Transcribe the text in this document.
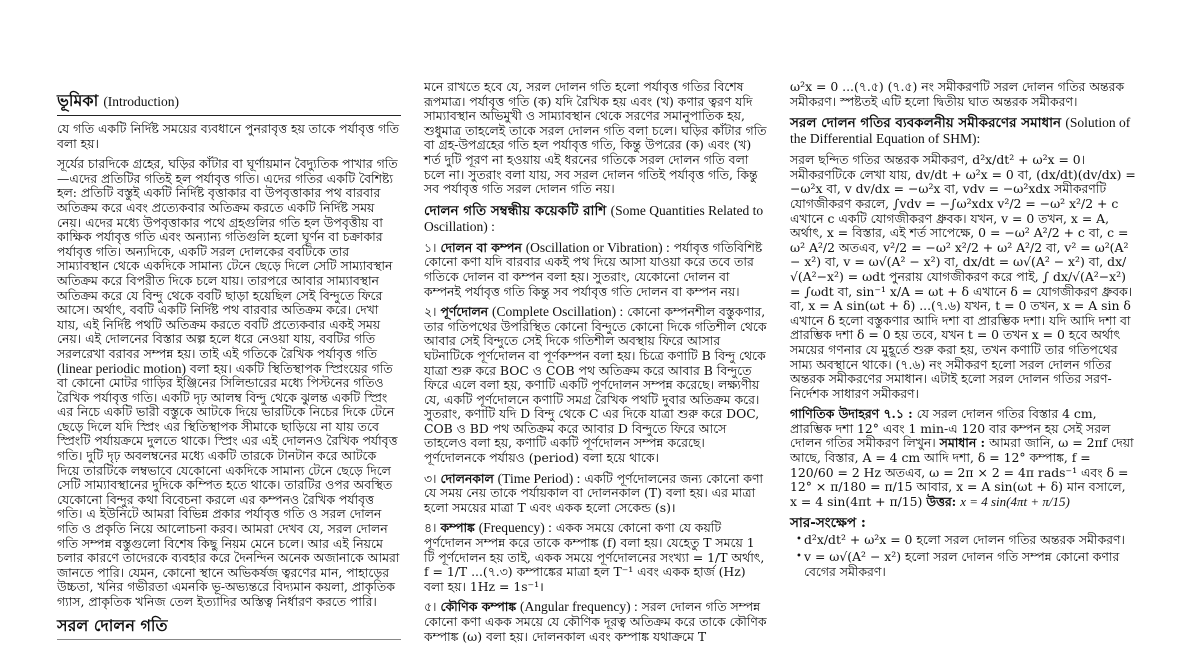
ভূমিকা (Introduction)

যে গতি একটি নির্দিষ্ট সময়ের ব্যবধানে পুনরাবৃত্ত হয় তাকে পর্যাবৃত্ত গতি বলা হয়।

সূর্যের চারদিকে গ্রহের, ঘড়ির কাঁটার বা ঘূর্ণায়মান বৈদ্যুতিক পাখার গতি—এদের প্রতিটির গতিই হল পর্যাবৃত্ত গতি। এদের গতির একটি বৈশিষ্ট্য হল: প্রতিটি বস্তুই একটি নির্দিষ্ট বৃত্তাকার বা উপবৃত্তাকার পথ বারবার অতিক্রম করে এবং প্রত্যেকবার অতিক্রম করতে একটি নির্দিষ্ট সময় নেয়। এদের মধ্যে উপবৃত্তাকার পথে গ্রহগুলির গতি হল উপবৃত্তীয় বা কাক্ষিক পর্যাবৃত্ত গতি এবং অন্যান্য গতিগুলি হলো ঘূর্ণন বা চক্রাকার পর্যাবৃত্ত গতি। অন্যদিকে, একটি সরল দোলকের ববটিকে তার সাম্যাবস্থান থেকে একদিকে সামান্য টেনে ছেড়ে দিলে সেটি সাম্যাবস্থান অতিক্রম করে বিপরীত দিকে চলে যায়। তারপরে আবার সাম্যাবস্থান অতিক্রম করে যে বিন্দু থেকে ববটি ছাড়া হয়েছিল সেই বিন্দুতে ফিরে আসে। অর্থাৎ, ববটি একটি নির্দিষ্ট পথ বারবার অতিক্রম করে। দেখা যায়, এই নির্দিষ্ট পথটি অতিক্রম করতে ববটি প্রত্যেকবার একই সময় নেয়। এই দোলনের বিস্তার অল্প হলে ধরে নেওয়া যায়, ববটির গতি সরলরেখা বরাবর সম্পন্ন হয়। তাই এই গতিকে রৈখিক পর্যাবৃত্ত গতি (linear periodic motion) বলা হয়। একটি স্থিতিস্থাপক স্প্রিংয়ের গতি বা কোনো মোটর গাড়ির ইঞ্জিনের সিলিন্ডারের মধ্যে পিস্টনের গতিও রৈখিক পর্যাবৃত্ত গতি। একটি দৃঢ় আলম্ব বিন্দু থেকে ঝুলন্ত একটি স্প্রিং এর নিচে একটি ভারী বস্তুকে আটকে দিয়ে ভারটিকে নিচের দিকে টেনে ছেড়ে দিলে যদি স্প্রিং এর স্থিতিস্থাপক সীমাকে ছাড়িয়ে না যায় তবে স্প্রিংটি পর্যায়ক্রমে দুলতে থাকে। স্প্রিং এর এই দোলনও রৈখিক পর্যাবৃত্ত গতি। দুটি দৃঢ় অবলম্বনের মধ্যে একটি তারকে টানটান করে আটকে দিয়ে তারটিকে লম্বভাবে যেকোনো একদিকে সামান্য টেনে ছেড়ে দিলে সেটি সাম্যাবস্থানের দুদিকে কম্পিত হতে থাকে। তারটির ওপর অবস্থিত যেকোনো বিন্দুর কথা বিবেচনা করলে এর কম্পনও রৈখিক পর্যাবৃত্ত গতি। এ ইউনিটে আমরা বিভিন্ন প্রকার পর্যাবৃত্ত গতি ও সরল দোলন গতি ও প্রকৃতি নিয়ে আলোচনা করব। আমরা দেখব যে, সরল দোলন গতি সম্পন্ন বস্তুগুলো বিশেষ কিছু নিয়ম মেনে চলে। আর এই নিয়মে চলার কারণে তাদেরকে ব্যবহার করে দৈনন্দিন অনেক অজানাকে আমরা জানতে পারি। যেমন, কোনো স্থানে অভিকর্ষজ ত্বরণের মান, পাহাড়ের উচ্চতা, খনির গভীরতা এমনকি ভূ-অভ্যন্তরে বিদ্যমান কয়লা, প্রাকৃতিক গ্যাস, প্রাকৃতিক খনিজ তেল ইত্যাদির অস্তিত্ব নির্ধারণ করতে পারি।

সরল দোলন গতি

মনে রাখতে হবে যে, সরল দোলন গতি হলো পর্যাবৃত্ত গতির বিশেষ রূপমাত্র। পর্যাবৃত্ত গতি (ক) যদি রৈখিক হয় এবং (খ) কণার ত্বরণ যদি সাম্যাবস্থান অভিমুখী ও সাম্যাবস্থান থেকে সরণের সমানুপাতিক হয়, শুধুমাত্র তাহলেই তাকে সরল দোলন গতি বলা চলে। ঘড়ির কাঁটার গতি বা গ্রহ-উপগ্রহের গতি হল পর্যাবৃত্ত গতি, কিন্তু উপরের (ক) এবং (খ) শর্ত দুটি পূরণ না হওয়ায় এই ধরনের গতিকে সরল দোলন গতি বলা চলে না। সুতরাং বলা যায়, সব সরল দোলন গতিই পর্যাবৃত্ত গতি, কিন্তু সব পর্যাবৃত্ত গতি সরল দোলন গতি নয়।

দোলন গতি সম্বন্ধীয় কয়েকটি রাশি (Some Quantities Related to Oscillation) :

১। দোলন বা কম্পন (Oscillation or Vibration) : পর্যাবৃত্ত গতিবিশিষ্ট কোনো কণা যদি বারবার একই পথ দিয়ে আসা যাওয়া করে তবে তার গতিকে দোলন বা কম্পন বলা হয়। সুতরাং, যেকোনো দোলন বা কম্পনই পর্যাবৃত্ত গতি কিন্তু সব পর্যাবৃত্ত গতি দোলন বা কম্পন নয়।

২। পূর্ণদোলন (Complete Oscillation) : কোনো কম্পনশীল বস্তুকণার, তার গতিপথের উপরিস্থিত কোনো বিন্দুতে কোনো দিকে গতিশীল থেকে আবার সেই বিন্দুতে সেই দিকে গতিশীল অবস্থায় ফিরে আসার ঘটনাটিকে পূর্ণদোলন বা পূর্ণকম্পন বলা হয়। চিত্রে কণাটি B বিন্দু থেকে যাত্রা শুরু করে BOC ও COB পথ অতিক্রম করে আবার B বিন্দুতে ফিরে এলে বলা হয়, কণাটি একটি পূর্ণদোলন সম্পন্ন করেছে। লক্ষ্যণীয় যে, একটি পূর্ণদোলনে কণাটি সমগ্র রৈখিক পথটি দুবার অতিক্রম করে। সুতরাং, কণাটি যদি D বিন্দু থেকে C এর দিকে যাত্রা শুরু করে DOC, COB ও BD পথ অতিক্রম করে আবার D বিন্দুতে ফিরে আসে তাহলেও বলা হয়, কণাটি একটি পূর্ণদোলন সম্পন্ন করেছে। পূর্ণদোলনকে পর্যায়ও (period) বলা হয়ে থাকে।

৩। দোলনকাল (Time Period) : একটি পূর্ণদোলনের জন্য কোনো কণা যে সময় নেয় তাকে পর্যায়কাল বা দোলনকাল (T) বলা হয়। এর মাত্রা হলো সময়ের মাত্রা T এবং একক হলো সেকেন্ড (s)।

৪। কম্পাঙ্ক (Frequency) : একক সময়ে কোনো কণা যে কয়টি পূর্ণদোলন সম্পন্ন করে তাকে কম্পাঙ্ক (f) বলা হয়। যেহেতু T সময়ে 1 টি পূর্ণদোলন হয় তাই, একক সময়ে পূর্ণদোলনের সংখ্যা = 1/T অর্থাৎ, f = 1/T ...(৭.৩) কম্পাঙ্কের মাত্রা হল T⁻¹ এবং একক হার্জ (Hz) বলা হয়। 1Hz = 1s⁻¹।

৫। কৌণিক কম্পাঙ্ক (Angular frequency) : সরল দোলন গতি সম্পন্ন কোনো কণা একক সময়ে যে কৌণিক দূরত্ব অতিক্রম করে তাকে কৌণিক কম্পাঙ্ক (ω) বলা হয়। দোলনকাল এবং কম্পাঙ্ক যথাক্রমে T

ω²x = 0 ...(৭.৫) (৭.৫) নং সমীকরণটি সরল দোলন গতির অন্তরক সমীকরণ। স্পষ্টতই এটি হলো দ্বিতীয় ঘাত অন্তরক সমীকরণ।

সরল দোলন গতির ব্যবকলনীয় সমীকরণের সমাধান (Solution of the Differential Equation of SHM):

সরল ছন্দিত গতির অন্তরক সমীকরণ, d²x/dt² + ω²x = 0। সমীকরণটিকে লেখা যায়, dv/dt + ω²x = 0 বা, (dx/dt)(dv/dx) = −ω²x বা, v dv/dx = −ω²x বা, vdv = −ω²xdx সমীকরণটি যোগজীকরণ করলে, ∫vdv = −∫ω²xdx v²/2 = −ω² x²/2 + c এখানে c একটি যোগজীকরণ ধ্রুবক। যখন, v = 0 তখন, x = A, অর্থাৎ, x = বিস্তার, এই শর্ত সাপেক্ষে, 0 = −ω² A²/2 + c বা, c = ω² A²/2 অতএব, v²/2 = −ω² x²/2 + ω² A²/2 বা, v² = ω²(A² − x²) বা, v = ω√(A² − x²) বা, dx/dt = ω√(A² − x²) বা, dx/√(A²−x²) = ωdt পুনরায় যোগজীকরণ করে পাই, ∫ dx/√(A²−x²) = ∫ωdt বা, sin⁻¹ x/A = ωt + δ এখানে δ = যোগজীকরণ ধ্রুবক। বা, x = A sin(ωt + δ) ...(৭.৬) যখন, t = 0 তখন, x = A sin δ এখানে δ হলো বস্তুকণার আদি দশা বা প্রারম্ভিক দশা। যদি আদি দশা বা প্রারম্ভিক দশা δ = 0 হয় তবে, যখন t = 0 তখন x = 0 হবে অর্থাৎ সময়ের গণনার যে মুহূর্তে শুরু করা হয়, তখন কণাটি তার গতিপথের সাম্য অবস্থানে থাকে। (৭.৬) নং সমীকরণ হলো সরল দোলন গতির অন্তরক সমীকরণের সমাধান। এটাই হলো সরল দোলন গতির সরণ-নির্দেশক সাধারণ সমীকরণ।

গাণিতিক উদাহরণ ৭.১ : যে সরল দোলন গতির বিস্তার 4 cm, প্রারম্ভিক দশা 12° এবং 1 min-এ 120 বার কম্পন হয় সেই সরল দোলন গতির সমীকরণ লিখুন। সমাধান : আমরা জানি, ω = 2πf দেয়া আছে, বিস্তার, A = 4 cm আদি দশা, δ = 12° কম্পাঙ্ক, f = 120/60 = 2 Hz অতএব, ω = 2π × 2 = 4π rads⁻¹ এবং δ = 12° × π/180 = π/15 আবার, x = A sin(ωt + δ) মান বসালে, x = 4 sin(4πt + π/15) উত্তর: x = 4 sin(4πt + π/15)

সার-সংক্ষেপ :

• d²x/dt² + ω²x = 0 হলো সরল দোলন গতির অন্তরক সমীকরণ।
• v = ω√(A² − x²) হলো সরল দোলন গতি সম্পন্ন কোনো কণার বেগের সমীকরণ।
